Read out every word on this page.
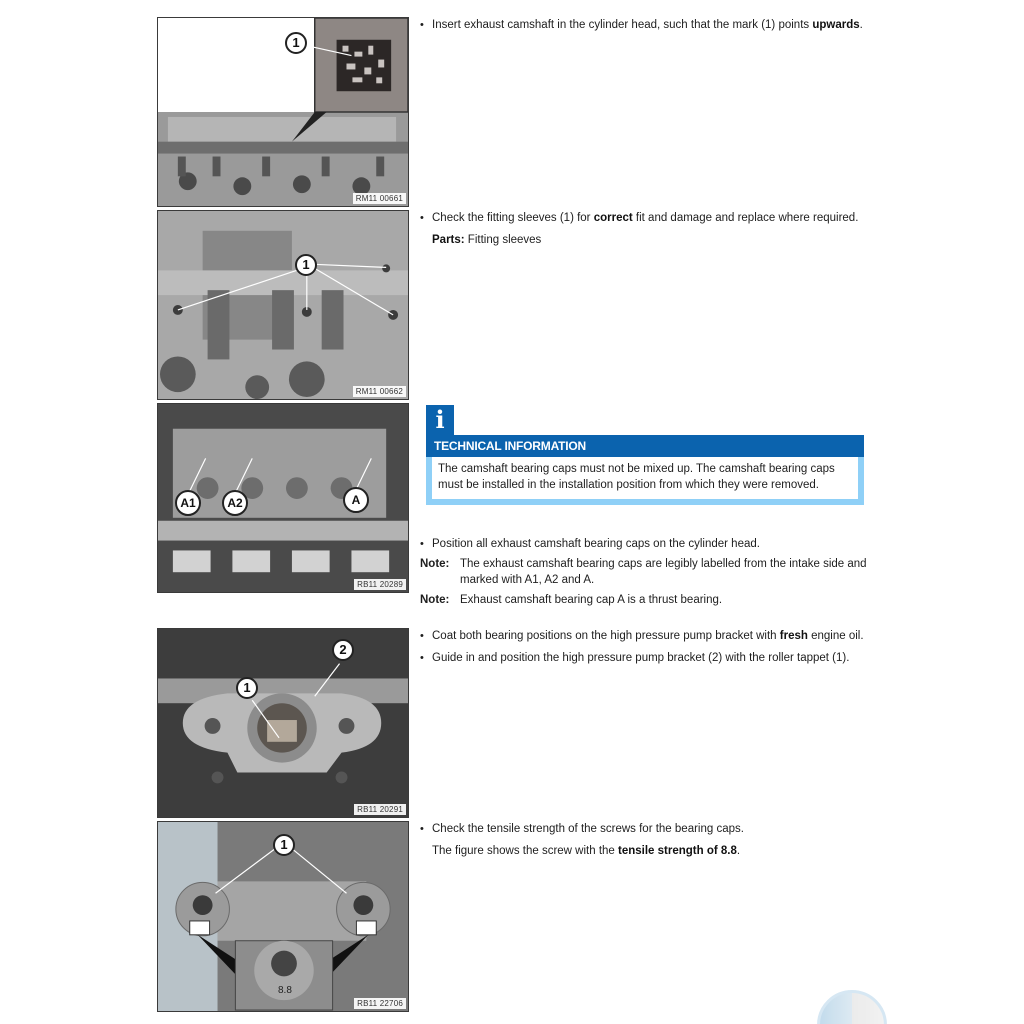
1
RM11 00661
1
RM11 00662
A1	A2	A
RB11 20289
• Insert exhaust camshaft in the cylinder head, such that the mark (1) points upwards.
• Check the fitting sleeves (1) for correct fit and damage and replace where required.
Parts: Fitting sleeves
i
TECHNICAL INFORMATION
The camshaft bearing caps must not be mixed up. The camshaft bearing caps must be installed in the installation position from which they were removed.
• Position all exhaust camshaft bearing caps on the cylinder head.
Note: The exhaust camshaft bearing caps are legibly labelled from the intake side and marked with A1, A2 and A.
Note: Exhaust camshaft bearing cap A is a thrust bearing.
1
2
RB11 20291
• Coat both bearing positions on the high pressure pump bracket with fresh engine oil.
• Guide in and position the high pressure pump bracket (2) with the roller tappet (1).
8.8
1
RB11 22706
• Check the tensile strength of the screws for the bearing caps.
The figure shows the screw with the tensile strength of 8.8.
